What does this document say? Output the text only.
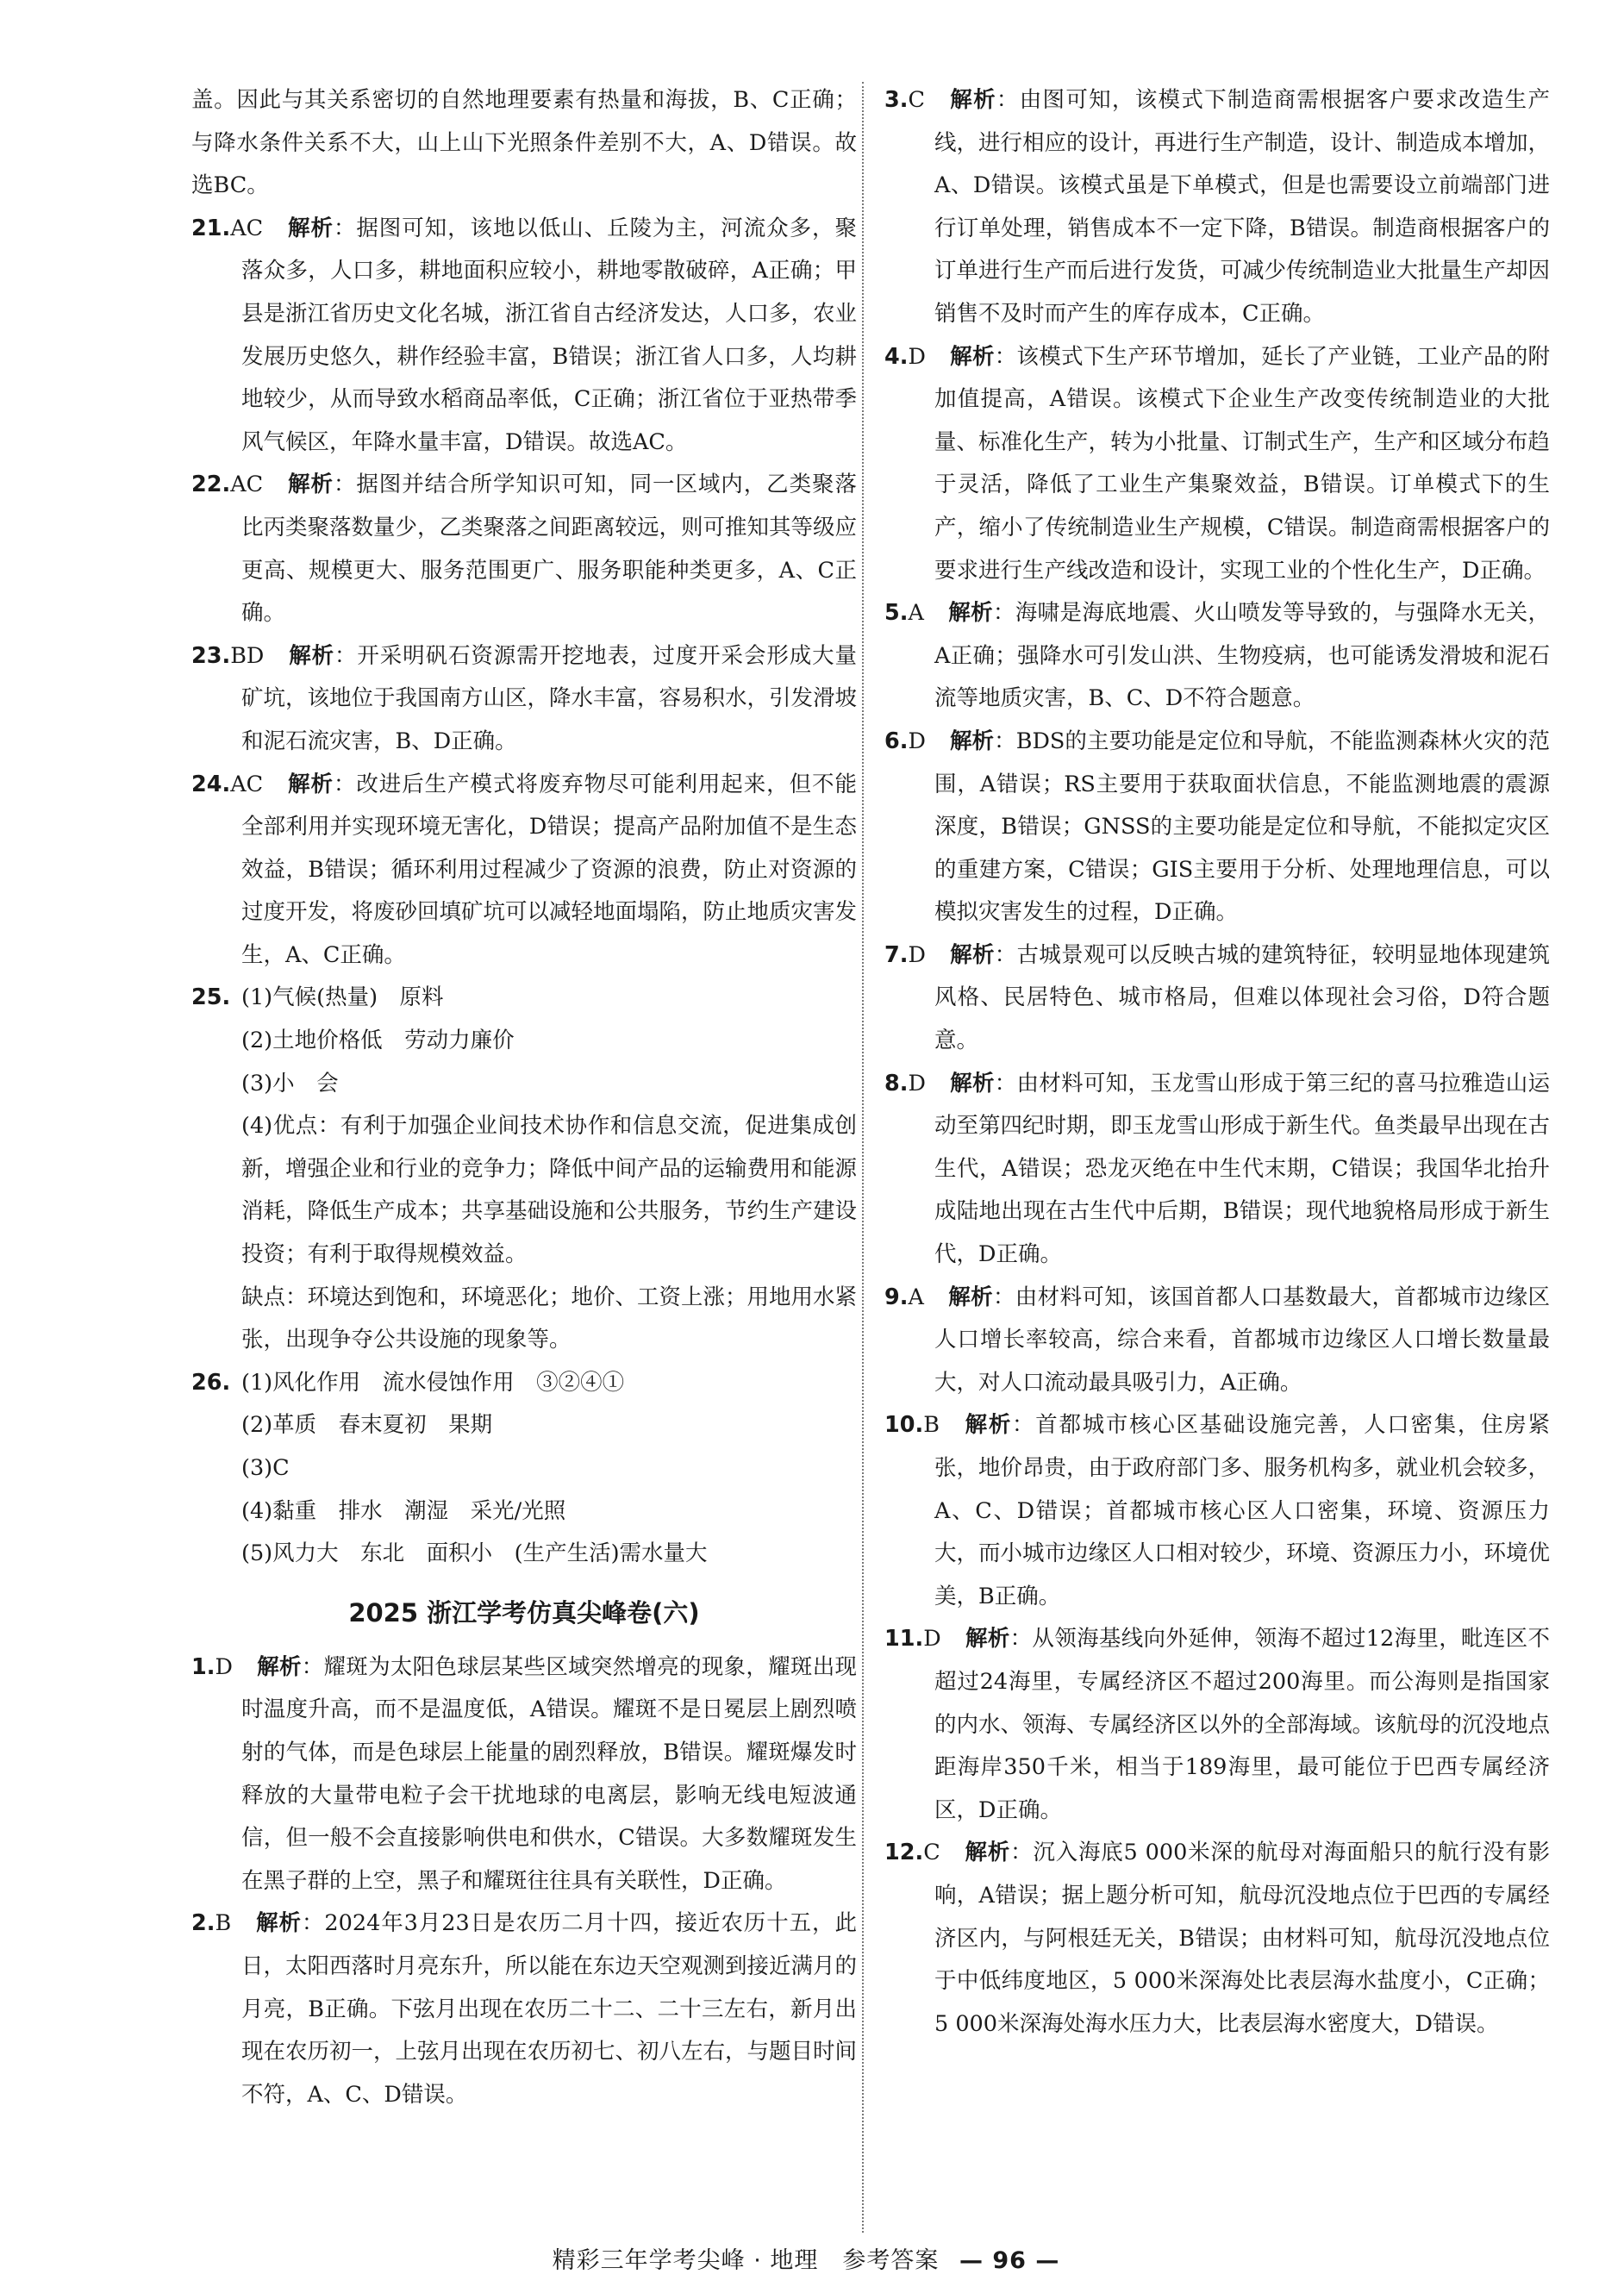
盖。因此与其关系密切的自然地理要素有热量和海拔，B、C正确；与降水条件关系不大，山上山下光照条件差别不大，A、D错误。故选BC。

21.AC 解析：据图可知，该地以低山、丘陵为主，河流众多，聚落众多，人口多，耕地面积应较小，耕地零散破碎，A正确；甲县是浙江省历史文化名城，浙江省自古经济发达，人口多，农业发展历史悠久，耕作经验丰富，B错误；浙江省人口多，人均耕地较少，从而导致水稻商品率低，C正确；浙江省位于亚热带季风气候区，年降水量丰富，D错误。故选AC。

22.AC 解析：据图并结合所学知识可知，同一区域内，乙类聚落比丙类聚落数量少，乙类聚落之间距离较远，则可推知其等级应更高、规模更大、服务范围更广、服务职能种类更多，A、C正确。

23.BD 解析：开采明矾石资源需开挖地表，过度开采会形成大量矿坑，该地位于我国南方山区，降水丰富，容易积水，引发滑坡和泥石流灾害，B、D正确。

24.AC 解析：改进后生产模式将废弃物尽可能利用起来，但不能全部利用并实现环境无害化，D错误；提高产品附加值不是生态效益，B错误；循环利用过程减少了资源的浪费，防止对资源的过度开发，将废砂回填矿坑可以减轻地面塌陷，防止地质灾害发生，A、C正确。

25. (1)气候(热量)　原料

(2)土地价格低　劳动力廉价

(3)小　会

(4)优点：有利于加强企业间技术协作和信息交流，促进集成创新，增强企业和行业的竞争力；降低中间产品的运输费用和能源消耗，降低生产成本；共享基础设施和公共服务，节约生产建设投资；有利于取得规模效益。

缺点：环境达到饱和，环境恶化；地价、工资上涨；用地用水紧张，出现争夺公共设施的现象等。

26. (1)风化作用　流水侵蚀作用　③②④①

(2)革质　春末夏初　果期

(3)C

(4)黏重　排水　潮湿　采光/光照

(5)风力大　东北　面积小　(生产生活)需水量大

2025 浙江学考仿真尖峰卷(六)

1.D 解析：耀斑为太阳色球层某些区域突然增亮的现象，耀斑出现时温度升高，而不是温度低，A错误。耀斑不是日冕层上剧烈喷射的气体，而是色球层上能量的剧烈释放，B错误。耀斑爆发时释放的大量带电粒子会干扰地球的电离层，影响无线电短波通信，但一般不会直接影响供电和供水，C错误。大多数耀斑发生在黑子群的上空，黑子和耀斑往往具有关联性，D正确。

2.B 解析：2024年3月23日是农历二月十四，接近农历十五，此日，太阳西落时月亮东升，所以能在东边天空观测到接近满月的月亮，B正确。下弦月出现在农历二十二、二十三左右，新月出现在农历初一，上弦月出现在农历初七、初八左右，与题目时间不符，A、C、D错误。

3.C 解析：由图可知，该模式下制造商需根据客户要求改造生产线，进行相应的设计，再进行生产制造，设计、制造成本增加，A、D错误。该模式虽是下单模式，但是也需要设立前端部门进行订单处理，销售成本不一定下降，B错误。制造商根据客户的订单进行生产而后进行发货，可减少传统制造业大批量生产却因销售不及时而产生的库存成本，C正确。

4.D 解析：该模式下生产环节增加，延长了产业链，工业产品的附加值提高，A错误。该模式下企业生产改变传统制造业的大批量、标准化生产，转为小批量、订制式生产，生产和区域分布趋于灵活，降低了工业生产集聚效益，B错误。订单模式下的生产，缩小了传统制造业生产规模，C错误。制造商需根据客户的要求进行生产线改造和设计，实现工业的个性化生产，D正确。

5.A 解析：海啸是海底地震、火山喷发等导致的，与强降水无关，A正确；强降水可引发山洪、生物疫病，也可能诱发滑坡和泥石流等地质灾害，B、C、D不符合题意。

6.D 解析：BDS的主要功能是定位和导航，不能监测森林火灾的范围，A错误；RS主要用于获取面状信息，不能监测地震的震源深度，B错误；GNSS的主要功能是定位和导航，不能拟定灾区的重建方案，C错误；GIS主要用于分析、处理地理信息，可以模拟灾害发生的过程，D正确。

7.D 解析：古城景观可以反映古城的建筑特征，较明显地体现建筑风格、民居特色、城市格局，但难以体现社会习俗，D符合题意。

8.D 解析：由材料可知，玉龙雪山形成于第三纪的喜马拉雅造山运动至第四纪时期，即玉龙雪山形成于新生代。鱼类最早出现在古生代，A错误；恐龙灭绝在中生代末期，C错误；我国华北抬升成陆地出现在古生代中后期，B错误；现代地貌格局形成于新生代，D正确。

9.A 解析：由材料可知，该国首都人口基数最大，首都城市边缘区人口增长率较高，综合来看，首都城市边缘区人口增长数量最大，对人口流动最具吸引力，A正确。

10.B 解析：首都城市核心区基础设施完善，人口密集，住房紧张，地价昂贵，由于政府部门多、服务机构多，就业机会较多，A、C、D错误；首都城市核心区人口密集，环境、资源压力大，而小城市边缘区人口相对较少，环境、资源压力小，环境优美，B正确。

11.D 解析：从领海基线向外延伸，领海不超过12海里，毗连区不超过24海里，专属经济区不超过200海里。而公海则是指国家的内水、领海、专属经济区以外的全部海域。该航母的沉没地点距海岸350千米，相当于189海里，最可能位于巴西专属经济区，D正确。

12.C 解析：沉入海底5 000米深的航母对海面船只的航行没有影响，A错误；据上题分析可知，航母沉没地点位于巴西的专属经济区内，与阿根廷无关，B错误；由材料可知，航母沉没地点位于中低纬度地区，5 000米深海处比表层海水盐度小，C正确；5 000米深海处海水压力大，比表层海水密度大，D错误。

精彩三年学考尖峰 · 地理　参考答案 — 96 —
